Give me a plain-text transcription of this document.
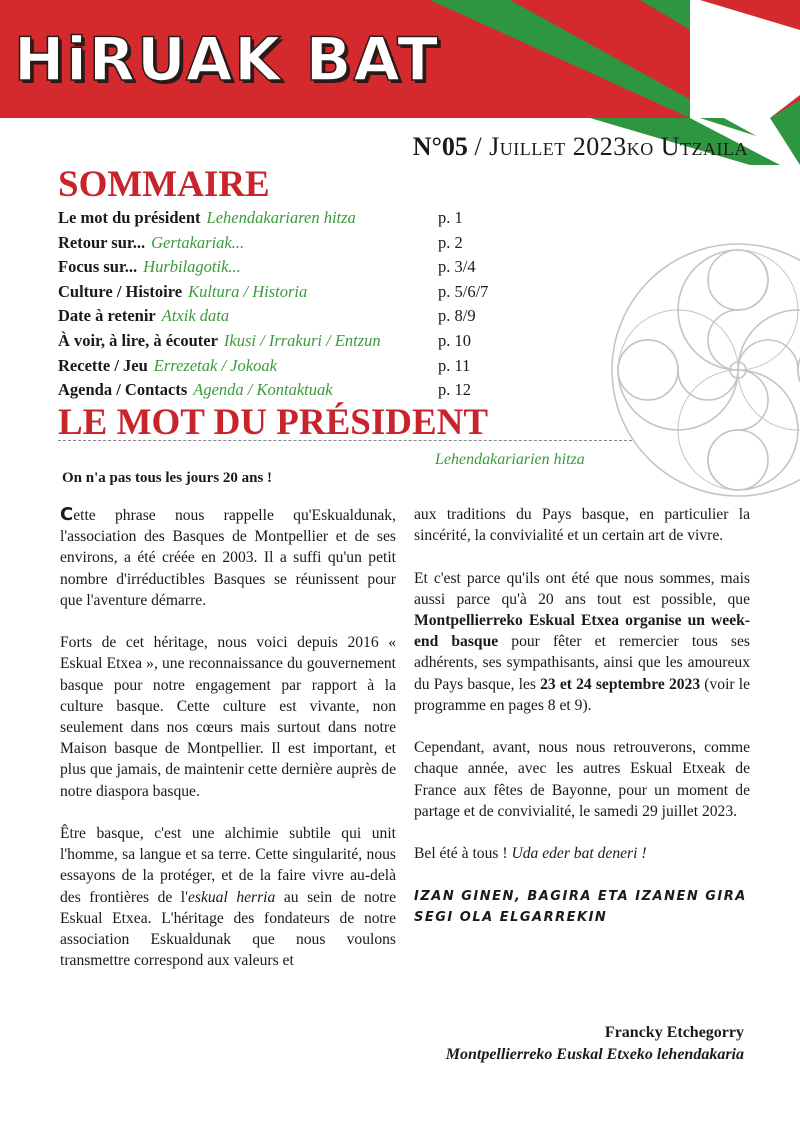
HiRUAK BAT
N°05 / Juillet 2023ko Utzaila
SOMMAIRE
Le mot du président Lehendakariaren hitza	p. 1
Retour sur... Gertakariak...	p. 2
Focus sur... Hurbilagotik...	p. 3/4
Culture / Histoire Kultura / Historia	p. 5/6/7
Date à retenir Atxik data	p. 8/9
À voir, à lire, à écouter Ikusi / Irrakuri / Entzun	p. 10
Recette / Jeu Errezetak / Jokoak	p. 11
Agenda / Contacts Agenda / Kontaktuak	p. 12
LE MOT DU PRÉSIDENT
Lehendakariarien hitza
On n'a pas tous les jours 20 ans !

Cette phrase nous rappelle qu'Eskualdunak, l'association des Basques de Montpellier et de ses environs, a été créée en 2003. Il a suffi qu'un petit nombre d'irréductibles Basques se réunissent pour que l'aventure démarre.

Forts de cet héritage, nous voici depuis 2016 « Eskual Etxea », une reconnaissance du gouvernement basque pour notre engagement par rapport à la culture basque. Cette culture est vivante, non seulement dans nos cœurs mais surtout dans notre Maison basque de Montpellier. Il est important, et plus que jamais, de maintenir cette dernière auprès de notre diaspora basque.

Être basque, c'est une alchimie subtile qui unit l'homme, sa langue et sa terre. Cette singularité, nous essayons de la protéger, et de la faire vivre au-delà des frontières de l'eskual herria au sein de notre Eskual Etxea. L'héritage des fondateurs de notre association Eskualdunak que nous voulons transmettre correspond aux valeurs et

aux traditions du Pays basque, en particulier la sincérité, la convivialité et un certain art de vivre.

Et c'est parce qu'ils ont été que nous sommes, mais aussi parce qu'à 20 ans tout est possible, que Montpellierreko Eskual Etxea organise un week-end basque pour fêter et remercier tous ses adhérents, ses sympathisants, ainsi que les amoureux du Pays basque, les 23 et 24 septembre 2023 (voir le programme en pages 8 et 9).

Cependant, avant, nous nous retrouverons, comme chaque année, avec les autres Eskual Etxeak de France aux fêtes de Bayonne, pour un moment de partage et de convivialité, le samedi 29 juillet 2023.

Bel été à tous ! Uda eder bat deneri !

IZAN GINEN, BAGIRA ETA IZANEN GIRA
SEGI OLA ELGARREKIN
Francky Etchegorry
Montpellierreko Euskal Etxeko lehendakaria
